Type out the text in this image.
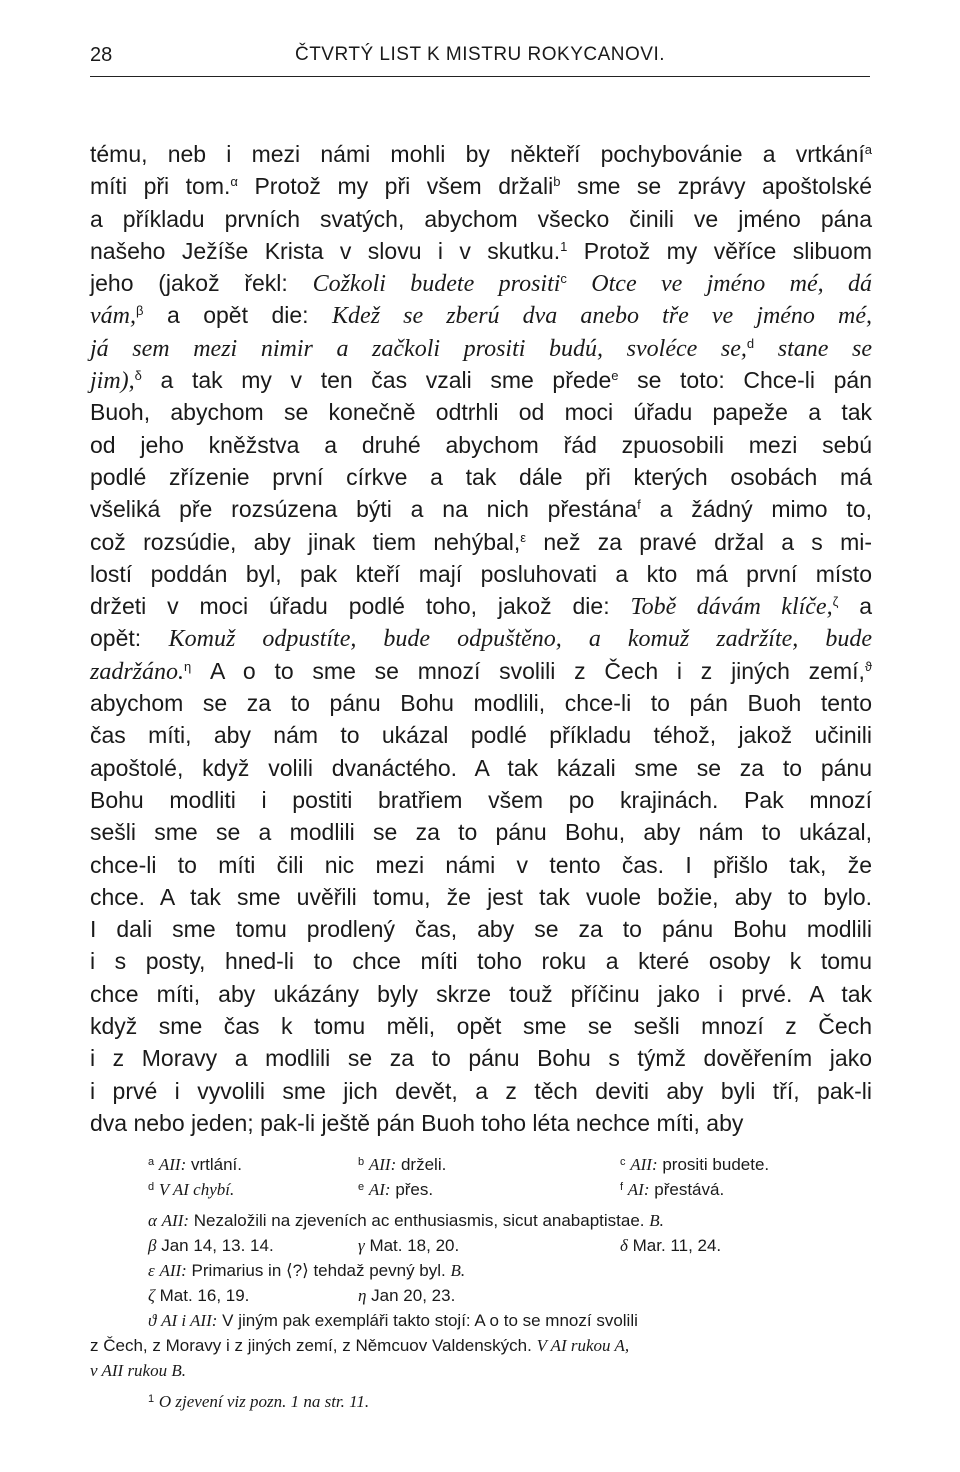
28	ČTVRTÝ LIST K MISTRU ROKYCANOVI.
tému, neb i mezi námi mohli by někteří pochybovánie a vrtkání$^a$
míti při tom.$^\alpha$ Protož my při všem držali$^b$ sme se zprávy apoštolské
a příkladu prvních svatých, abychom všecko činili ve jméno pána
našeho Ježíše Krista v slovu i v skutku.$^1$ Protož my věříce slibuom
jeho (jakož řekl: Cožkoli budete prositi$^c$ Otce ve jméno mé, dá
vám,$^\beta$ a opět die: Kdež se zberú dva anebo tře ve jméno mé,
já sem mezi nimir a začkoli prositi budú, svoléce se,$^d$ stane se
jim),$^\delta$ a tak my v ten čas vzali sme přede$^e$ se toto: Chce-li pán
Buoh, abychom se konečně odtrhli od moci úřadu papeže a tak
od jeho kněžstva a druhé abychom řád zpuosobili mezi sebú
podlé zřízenie první církve a tak dále při kterých osobách má
všeliká pře rozsúzena býti a na nich přestána$^f$ a žádný mimo to,
což rozsúdie, aby jinak tiem nehýbal,$^\varepsilon$ než za pravé držal a s mi-
lostí poddán byl, pak kteří mají posluhovati a kto má první místo
držeti v moci úřadu podlé toho, jakož die: Tobě dávám klíče,$^\zeta$ a
opět: Komuž odpustíte, bude odpuštěno, a komuž zadržíte, bude
zadržáno.$^\eta$ A o to sme se mnozí svolili z Čech i z jiných zemí,$^ϑ$
abychom se za to pánu Bohu modlili, chce-li to pán Buoh tento
čas míti, aby nám to ukázal podlé příkladu téhož, jakož učinili
apoštolé, když volili dvanáctého. A tak kázali sme se za to pánu
Bohu modliti i postiti bratřiem všem po krajinách. Pak mnozí
sešli sme se a modlili se za to pánu Bohu, aby nám to ukázal,
chce-li to míti čili nic mezi námi v tento čas. I přišlo tak, že
chce. A tak sme uvěřili tomu, že jest tak vuole božie, aby to bylo.
I dali sme tomu prodlený čas, aby se za to pánu Bohu modlili
i s posty, hned-li to chce míti toho roku a které osoby k tomu
chce míti, aby ukázány byly skrze touž příčinu jako i prvé. A tak
když sme čas k tomu měli, opět sme se sešli mnozí z Čech
i z Moravy a modlili se za to pánu Bohu s týmž dověřením jako
i prvé i vyvolili sme jich devět, a z těch deviti aby byli tří, pak-li
dva nebo jeden; pak-li ještě pán Buoh toho léta nechce míti, aby
$^a$ AII: vrtlání.	$^b$ AII: drželi.	$^c$ AII: prositi budete.
$^d$ V AI chybí.	$^e$ AI: přes.	$^f$ AI: přestává.
α AII: Nezaložili na zjeveních ac enthusiasmis, sicut anabaptistae. B.
β Jan 14, 13. 14.	γ Mat. 18, 20.	δ Mar. 11, 24.
ε AII: Primarius in ⟨?⟩ tehdaž pevný byl. B.
ζ Mat. 16, 19.	η Jan 20, 23.
ϑ AI i AII: V jiným pak exempláři takto stojí: A o to se mnozí svolili
z Čech, z Moravy i z jiných zemí, z Němcuov Valdenských. V AI rukou A,
v AII rukou B.
$^1$ O zjevení viz pozn. 1 na str. 11.
